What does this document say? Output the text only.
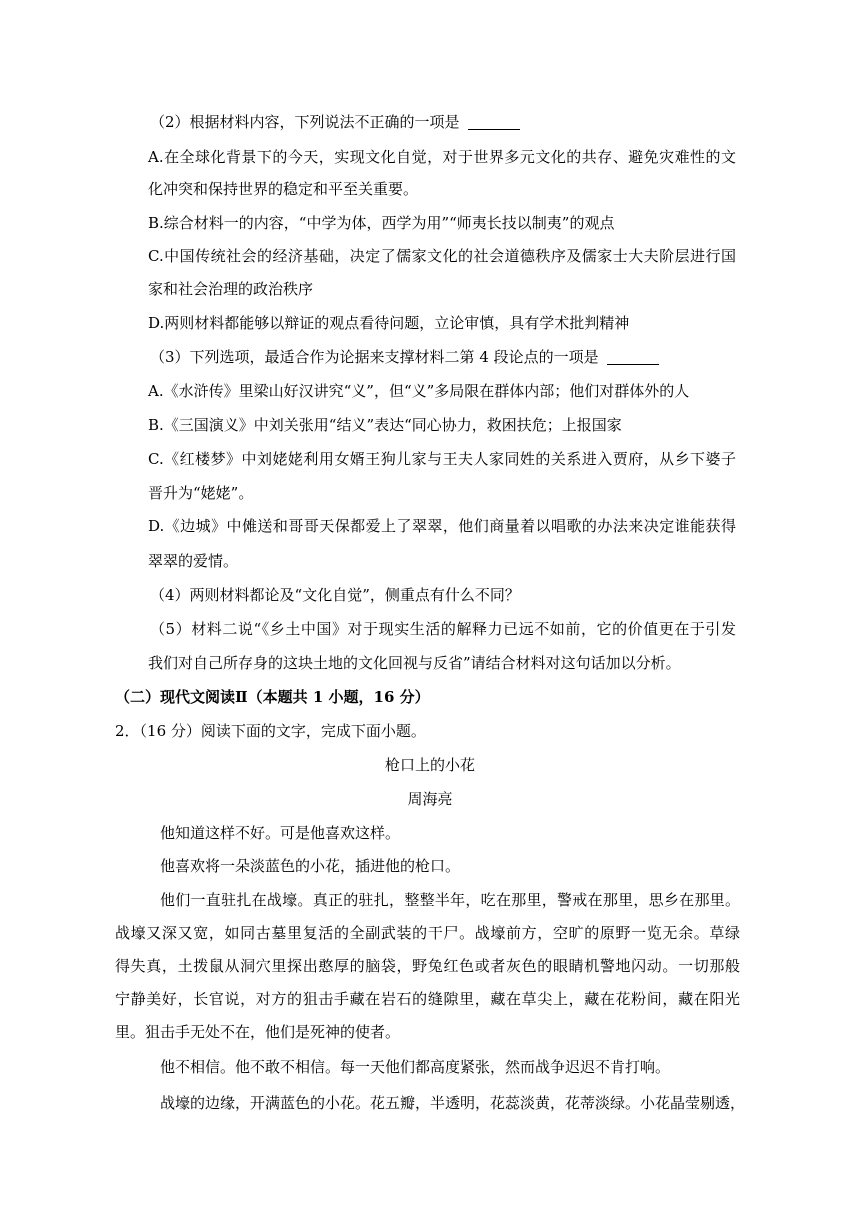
（2）根据材料内容，下列说法不正确的一项是
A.在全球化背景下的今天，实现文化自觉，对于世界多元文化的共存、避免灾难性的文
化冲突和保持世界的稳定和平至关重要。
B.综合材料一的内容，“中学为体，西学为用”“师夷长技以制夷”的观点
C.中国传统社会的经济基础，决定了儒家文化的社会道德秩序及儒家士大夫阶层进行国
家和社会治理的政治秩序
D.两则材料都能够以辩证的观点看待问题，立论审慎，具有学术批判精神
（3）下列选项，最适合作为论据来支撑材料二第 4 段论点的一项是
A.《水浒传》里梁山好汉讲究“义”，但“义”多局限在群体内部；他们对群体外的人
B.《三国演义》中刘关张用“结义”表达“同心协力，救困扶危；上报国家
C.《红楼梦》中刘姥姥利用女婿王狗儿家与王夫人家同姓的关系进入贾府，从乡下婆子
晋升为“姥姥”。
D.《边城》中傩送和哥哥天保都爱上了翠翠，他们商量着以唱歌的办法来决定谁能获得
翠翠的爱情。
（4）两则材料都论及“文化自觉”，侧重点有什么不同？
（5）材料二说“《乡土中国》对于现实生活的解释力已远不如前，它的价值更在于引发
我们对自己所存身的这块土地的文化回视与反省”请结合材料对这句话加以分析。
（二）现代文阅读Ⅱ（本题共 1 小题，16 分）
2．（16 分）阅读下面的文字，完成下面小题。
枪口上的小花
周海亮
他知道这样不好。可是他喜欢这样。
他喜欢将一朵淡蓝色的小花，插进他的枪口。
他们一直驻扎在战壕。真正的驻扎，整整半年，吃在那里，警戒在那里，思乡在那里。
战壕又深又宽，如同古墓里复活的全副武装的干尸。战壕前方，空旷的原野一览无余。草绿
得失真，土拨鼠从洞穴里探出憨厚的脑袋，野兔红色或者灰色的眼睛机警地闪动。一切那般
宁静美好，长官说，对方的狙击手藏在岩石的缝隙里，藏在草尖上，藏在花粉间，藏在阳光
里。狙击手无处不在，他们是死神的使者。
他不相信。他不敢不相信。每一天他们都高度紧张，然而战争迟迟不肯打响。
战壕的边缘，开满蓝色的小花。花五瓣，半透明，花蕊淡黄，花蒂淡绿。小花晶莹剔透，
